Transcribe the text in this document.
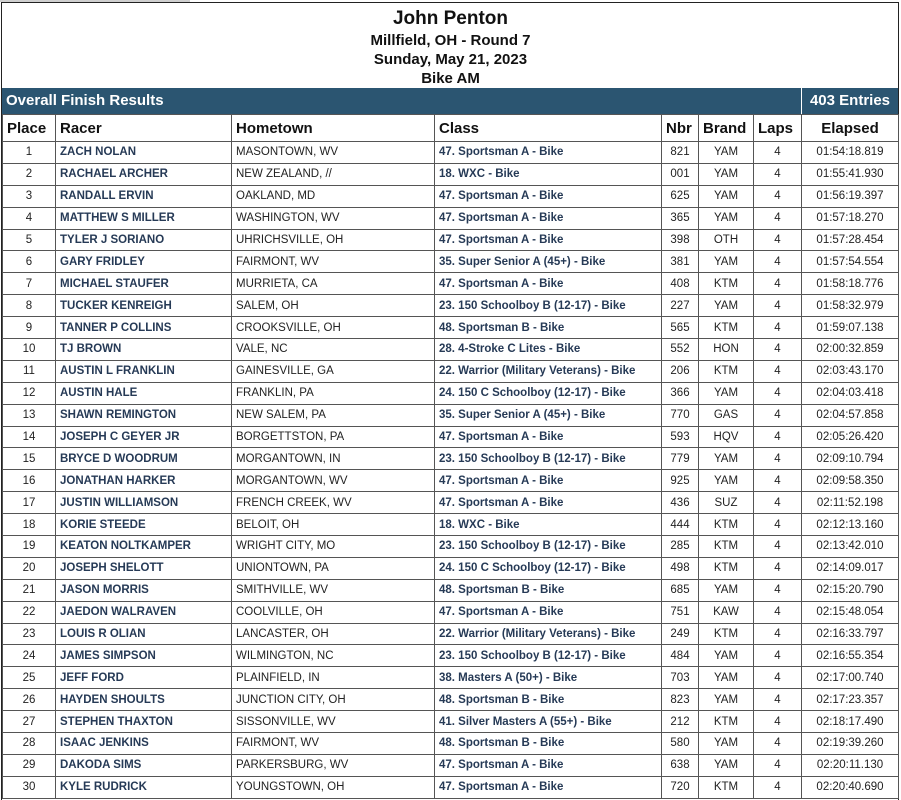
John Penton
Millfield, OH - Round 7
Sunday, May 21, 2023
Bike AM
Overall Finish Results	403 Entries
Place	Racer	Hometown	Class	Nbr	Brand	Laps	Elapsed
1	ZACH NOLAN	MASONTOWN, WV	47. Sportsman A - Bike	821	YAM	4	01:54:18.819
2	RACHAEL ARCHER	NEW ZEALAND, //	18. WXC - Bike	001	YAM	4	01:55:41.930
3	RANDALL ERVIN	OAKLAND, MD	47. Sportsman A - Bike	625	YAM	4	01:56:19.397
4	MATTHEW S MILLER	WASHINGTON, WV	47. Sportsman A - Bike	365	YAM	4	01:57:18.270
5	TYLER J SORIANO	UHRICHSVILLE, OH	47. Sportsman A - Bike	398	OTH	4	01:57:28.454
6	GARY FRIDLEY	FAIRMONT, WV	35. Super Senior A (45+) - Bike	381	YAM	4	01:57:54.554
7	MICHAEL STAUFER	MURRIETA, CA	47. Sportsman A - Bike	408	KTM	4	01:58:18.776
8	TUCKER KENREIGH	SALEM, OH	23. 150 Schoolboy B (12-17) - Bike	227	YAM	4	01:58:32.979
9	TANNER P COLLINS	CROOKSVILLE, OH	48. Sportsman B - Bike	565	KTM	4	01:59:07.138
10	TJ BROWN	VALE, NC	28. 4-Stroke C Lites - Bike	552	HON	4	02:00:32.859
11	AUSTIN L FRANKLIN	GAINESVILLE, GA	22. Warrior (Military Veterans) - Bike	206	KTM	4	02:03:43.170
12	AUSTIN HALE	FRANKLIN, PA	24. 150 C Schoolboy (12-17) - Bike	366	YAM	4	02:04:03.418
13	SHAWN REMINGTON	NEW SALEM, PA	35. Super Senior A (45+) - Bike	770	GAS	4	02:04:57.858
14	JOSEPH C GEYER JR	BORGETTSTON, PA	47. Sportsman A - Bike	593	HQV	4	02:05:26.420
15	BRYCE D WOODRUM	MORGANTOWN, IN	23. 150 Schoolboy B (12-17) - Bike	779	YAM	4	02:09:10.794
16	JONATHAN HARKER	MORGANTOWN, WV	47. Sportsman A - Bike	925	YAM	4	02:09:58.350
17	JUSTIN WILLIAMSON	FRENCH CREEK, WV	47. Sportsman A - Bike	436	SUZ	4	02:11:52.198
18	KORIE STEEDE	BELOIT, OH	18. WXC - Bike	444	KTM	4	02:12:13.160
19	KEATON NOLTKAMPER	WRIGHT CITY, MO	23. 150 Schoolboy B (12-17) - Bike	285	KTM	4	02:13:42.010
20	JOSEPH SHELOTT	UNIONTOWN, PA	24. 150 C Schoolboy (12-17) - Bike	498	KTM	4	02:14:09.017
21	JASON MORRIS	SMITHVILLE, WV	48. Sportsman B - Bike	685	YAM	4	02:15:20.790
22	JAEDON WALRAVEN	COOLVILLE, OH	47. Sportsman A - Bike	751	KAW	4	02:15:48.054
23	LOUIS R OLIAN	LANCASTER, OH	22. Warrior (Military Veterans) - Bike	249	KTM	4	02:16:33.797
24	JAMES SIMPSON	WILMINGTON, NC	23. 150 Schoolboy B (12-17) - Bike	484	YAM	4	02:16:55.354
25	JEFF FORD	PLAINFIELD, IN	38. Masters A (50+) - Bike	703	YAM	4	02:17:00.740
26	HAYDEN SHOULTS	JUNCTION CITY, OH	48. Sportsman B - Bike	823	YAM	4	02:17:23.357
27	STEPHEN THAXTON	SISSONVILLE, WV	41. Silver Masters A (55+) - Bike	212	KTM	4	02:18:17.490
28	ISAAC JENKINS	FAIRMONT, WV	48. Sportsman B - Bike	580	YAM	4	02:19:39.260
29	DAKODA SIMS	PARKERSBURG, WV	47. Sportsman A - Bike	638	YAM	4	02:20:11.130
30	KYLE RUDRICK	YOUNGSTOWN, OH	47. Sportsman A - Bike	720	KTM	4	02:20:40.690
